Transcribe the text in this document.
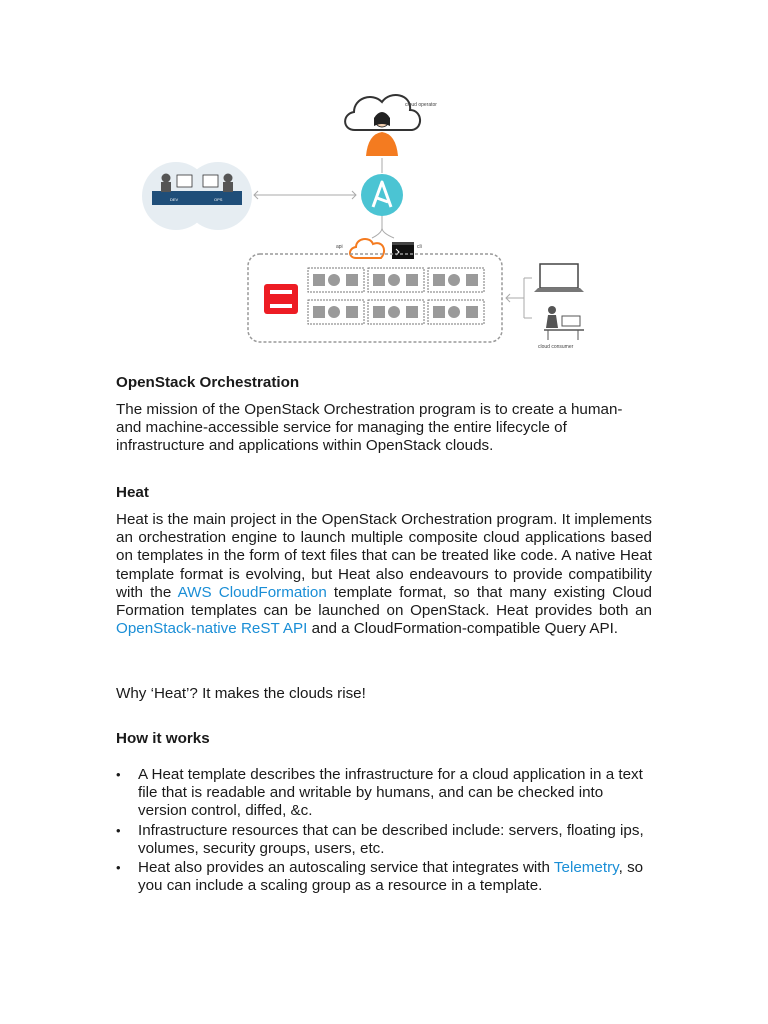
cloud operator
DEV	OPS
api	cli
cloud consumer
OpenStack Orchestration
The mission of the OpenStack Orchestration program is to create a human- and machine-accessible service for managing the entire lifecycle of infrastructure and applications within OpenStack clouds.
Heat
Heat is the main project in the OpenStack Orchestration program. It implements an orchestration engine to launch multiple composite cloud applications based on templates in the form of text files that can be treated like code. A native Heat template format is evolving, but Heat also endeavours to provide compatibility with the AWS CloudFormation template format, so that many existing Cloud Formation templates can be launched on OpenStack. Heat provides both an OpenStack-native ReST API and a CloudFormation-compatible Query API.
Why ‘Heat’? It makes the clouds rise!
How it works
• A Heat template describes the infrastructure for a cloud application in a text file that is readable and writable by humans, and can be checked into version control, diffed, &c.
• Infrastructure resources that can be described include: servers, floating ips, volumes, security groups, users, etc.
• Heat also provides an autoscaling service that integrates with Telemetry, so you can include a scaling group as a resource in a template.
